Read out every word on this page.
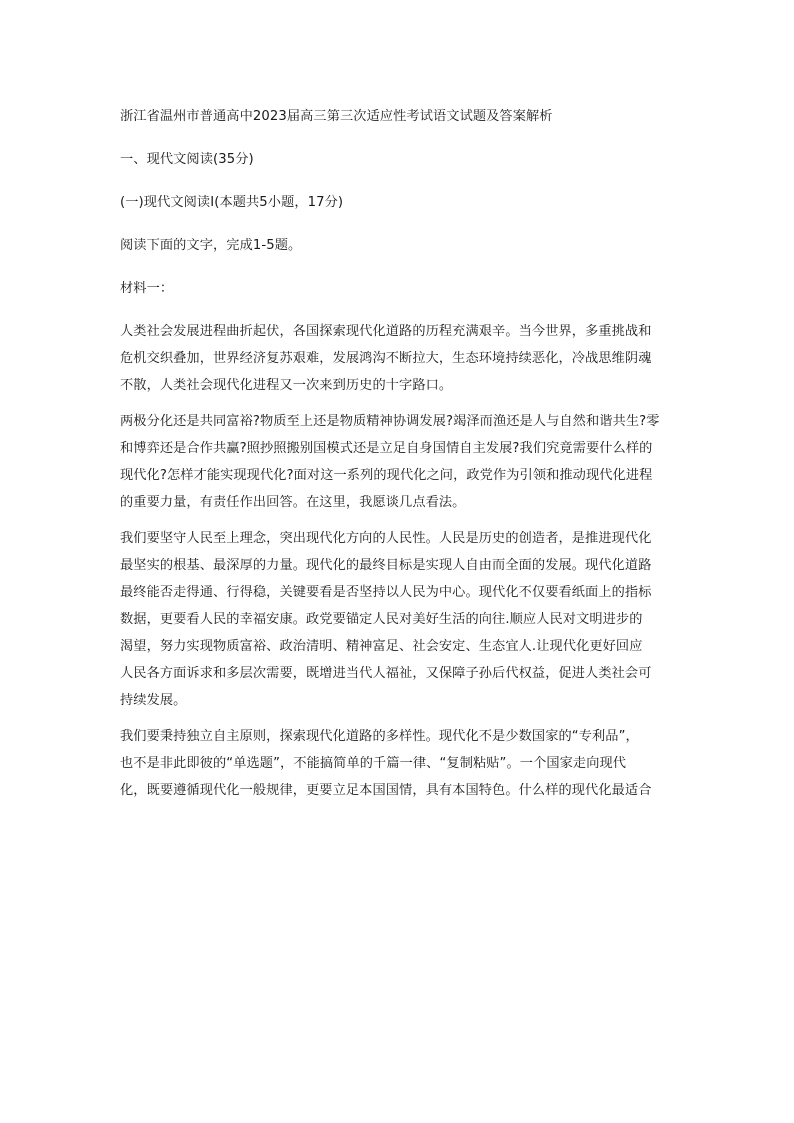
浙江省温州市普通高中2023届高三第三次适应性考试语文试题及答案解析

一、现代文阅读(35分)

(一)现代文阅读Ⅰ(本题共5小题，17分)

阅读下面的文字，完成1-5题。

材料一：

人类社会发展进程曲折起伏，各国探索现代化道路的历程充满艰辛。当今世界，多重挑战和

危机交织叠加，世界经济复苏艰难，发展鸿沟不断拉大，生态环境持续恶化，冷战思维阴魂

不散，人类社会现代化进程又一次来到历史的十字路口。

两极分化还是共同富裕?物质至上还是物质精神协调发展?竭泽而渔还是人与自然和谐共生?零

和博弈还是合作共赢?照抄照搬别国模式还是立足自身国情自主发展?我们究竟需要什么样的

现代化?怎样才能实现现代化?面对这一系列的现代化之问，政党作为引领和推动现代化进程

的重要力量，有责任作出回答。在这里，我愿谈几点看法。

我们要坚守人民至上理念，突出现代化方向的人民性。人民是历史的创造者，是推进现代化

最坚实的根基、最深厚的力量。现代化的最终目标是实现人自由而全面的发展。现代化道路

最终能否走得通、行得稳，关键要看是否坚持以人民为中心。现代化不仅要看纸面上的指标

数据，更要看人民的幸福安康。政党要锚定人民对美好生活的向往.顺应人民对文明进步的

渴望，努力实现物质富裕、政治清明、精神富足、社会安定、生态宜人.让现代化更好回应

人民各方面诉求和多层次需要，既增进当代人福祉，又保障子孙后代权益，促进人类社会可

持续发展。

我们要秉持独立自主原则，探索现代化道路的多样性。现代化不是少数国家的“专利品”，

也不是非此即彼的“单选题”，不能搞简单的千篇一律、“复制粘贴”。一个国家走向现代

化，既要遵循现代化一般规律，更要立足本国国情，具有本国特色。什么样的现代化最适合
